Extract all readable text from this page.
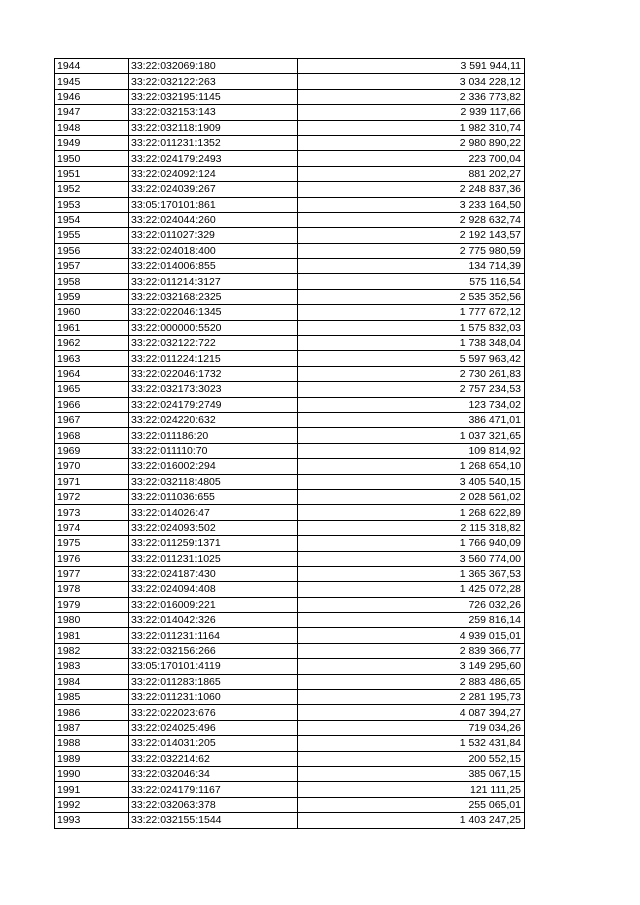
1944	33:22:032069:180	3 591 944,11
1945	33:22:032122:263	3 034 228,12
1946	33:22:032195:1145	2 336 773,82
1947	33:22:032153:143	2 939 117,66
1948	33:22:032118:1909	1 982 310,74
1949	33:22:011231:1352	2 980 890,22
1950	33:22:024179:2493	223 700,04
1951	33:22:024092:124	881 202,27
1952	33:22:024039:267	2 248 837,36
1953	33:05:170101:861	3 233 164,50
1954	33:22:024044:260	2 928 632,74
1955	33:22:011027:329	2 192 143,57
1956	33:22:024018:400	2 775 980,59
1957	33:22:014006:855	134 714,39
1958	33:22:011214:3127	575 116,54
1959	33:22:032168:2325	2 535 352,56
1960	33:22:022046:1345	1 777 672,12
1961	33:22:000000:5520	1 575 832,03
1962	33:22:032122:722	1 738 348,04
1963	33:22:011224:1215	5 597 963,42
1964	33:22:022046:1732	2 730 261,83
1965	33:22:032173:3023	2 757 234,53
1966	33:22:024179:2749	123 734,02
1967	33:22:024220:632	386 471,01
1968	33:22:011186:20	1 037 321,65
1969	33:22:011110:70	109 814,92
1970	33:22:016002:294	1 268 654,10
1971	33:22:032118:4805	3 405 540,15
1972	33:22:011036:655	2 028 561,02
1973	33:22:014026:47	1 268 622,89
1974	33:22:024093:502	2 115 318,82
1975	33:22:011259:1371	1 766 940,09
1976	33:22:011231:1025	3 560 774,00
1977	33:22:024187:430	1 365 367,53
1978	33:22:024094:408	1 425 072,28
1979	33:22:016009:221	726 032,26
1980	33:22:014042:326	259 816,14
1981	33:22:011231:1164	4 939 015,01
1982	33:22:032156:266	2 839 366,77
1983	33:05:170101:4119	3 149 295,60
1984	33:22:011283:1865	2 883 486,65
1985	33:22:011231:1060	2 281 195,73
1986	33:22:022023:676	4 087 394,27
1987	33:22:024025:496	719 034,26
1988	33:22:014031:205	1 532 431,84
1989	33:22:032214:62	200 552,15
1990	33:22:032046:34	385 067,15
1991	33:22:024179:1167	121 111,25
1992	33:22:032063:378	255 065,01
1993	33:22:032155:1544	1 403 247,25
